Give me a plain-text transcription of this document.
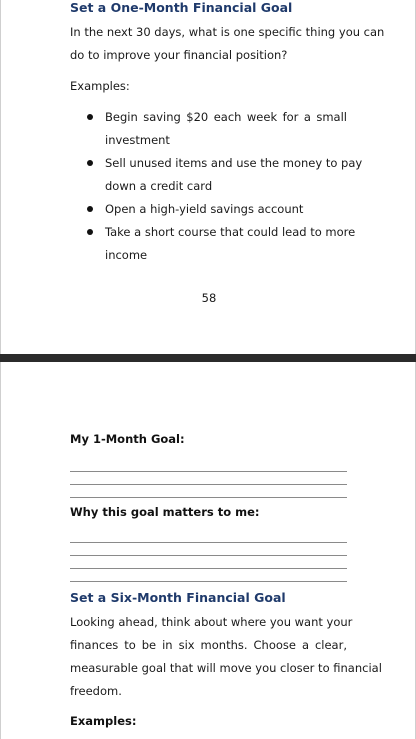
Set a One-Month Financial Goal

In the next 30 days, what is one specific thing you can

do to improve your financial position?

Examples:

Begin saving $20 each week for a small

investment

Sell unused items and use the money to pay

down a credit card

Open a high-yield savings account

Take a short course that could lead to more

income

58

My 1-Month Goal:

Why this goal matters to me:

Set a Six-Month Financial Goal

Looking ahead, think about where you want your

finances to be in six months. Choose a clear,

measurable goal that will move you closer to financial

freedom.

Examples:
